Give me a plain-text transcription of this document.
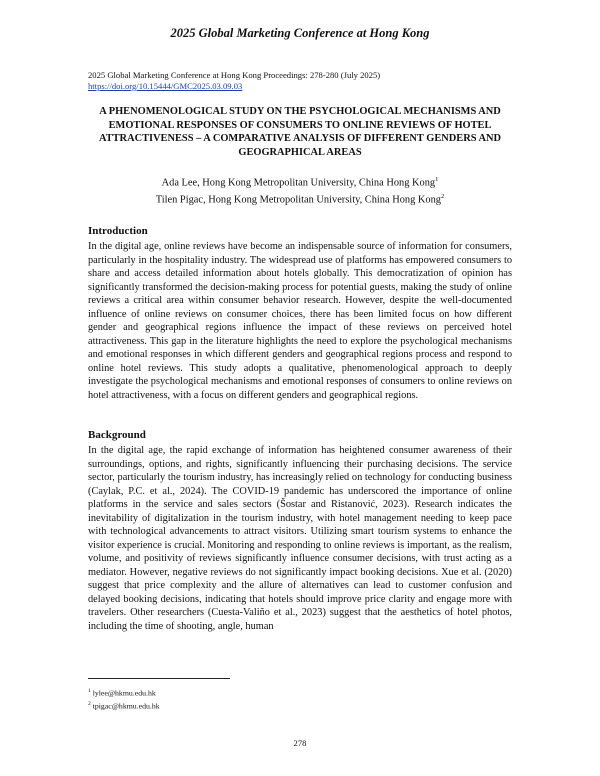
2025 Global Marketing Conference at Hong Kong
2025 Global Marketing Conference at Hong Kong Proceedings: 278-280 (July 2025)
https://doi.org/10.15444/GMC2025.03.09.03
A PHENOMENOLOGICAL STUDY ON THE PSYCHOLOGICAL MECHANISMS AND EMOTIONAL RESPONSES OF CONSUMERS TO ONLINE REVIEWS OF HOTEL ATTRACTIVENESS – A COMPARATIVE ANALYSIS OF DIFFERENT GENDERS AND GEOGRAPHICAL AREAS
Ada Lee, Hong Kong Metropolitan University, China Hong Kong$^1$
Tilen Pigac, Hong Kong Metropolitan University, China Hong Kong$^2$
Introduction
In the digital age, online reviews have become an indispensable source of information for consumers, particularly in the hospitality industry. The widespread use of platforms has empowered consumers to share and access detailed information about hotels globally. This democratization of opinion has significantly transformed the decision-making process for potential guests, making the study of online reviews a critical area within consumer behavior research. However, despite the well-documented influence of online reviews on consumer choices, there has been limited focus on how different gender and geographical regions influence the impact of these reviews on perceived hotel attractiveness. This gap in the literature highlights the need to explore the psychological mechanisms and emotional responses in which different genders and geographical regions process and respond to online hotel reviews. This study adopts a qualitative, phenomenological approach to deeply investigate the psychological mechanisms and emotional responses of consumers to online reviews on hotel attractiveness, with a focus on different genders and geographical regions.
Background
In the digital age, the rapid exchange of information has heightened consumer awareness of their surroundings, options, and rights, significantly influencing their purchasing decisions. The service sector, particularly the tourism industry, has increasingly relied on technology for conducting business (Caylak, P.C. et al., 2024). The COVID-19 pandemic has underscored the importance of online platforms in the service and sales sectors (Šostar and Ristanović, 2023). Research indicates the inevitability of digitalization in the tourism industry, with hotel management needing to keep pace with technological advancements to attract visitors. Utilizing smart tourism systems to enhance the visitor experience is crucial. Monitoring and responding to online reviews is important, as the realism, volume, and positivity of reviews significantly influence consumer decisions, with trust acting as a mediator. However, negative reviews do not significantly impact booking decisions. Xue et al. (2020) suggest that price complexity and the allure of alternatives can lead to customer confusion and delayed booking decisions, indicating that hotels should improve price clarity and engage more with travelers. Other researchers (Cuesta-Valiño et al., 2023) suggest that the aesthetics of hotel photos, including the time of shooting, angle, human
$^1$ lylee@hkmu.edu.hk
$^2$ tpigac@hkmu.edu.hk
278
